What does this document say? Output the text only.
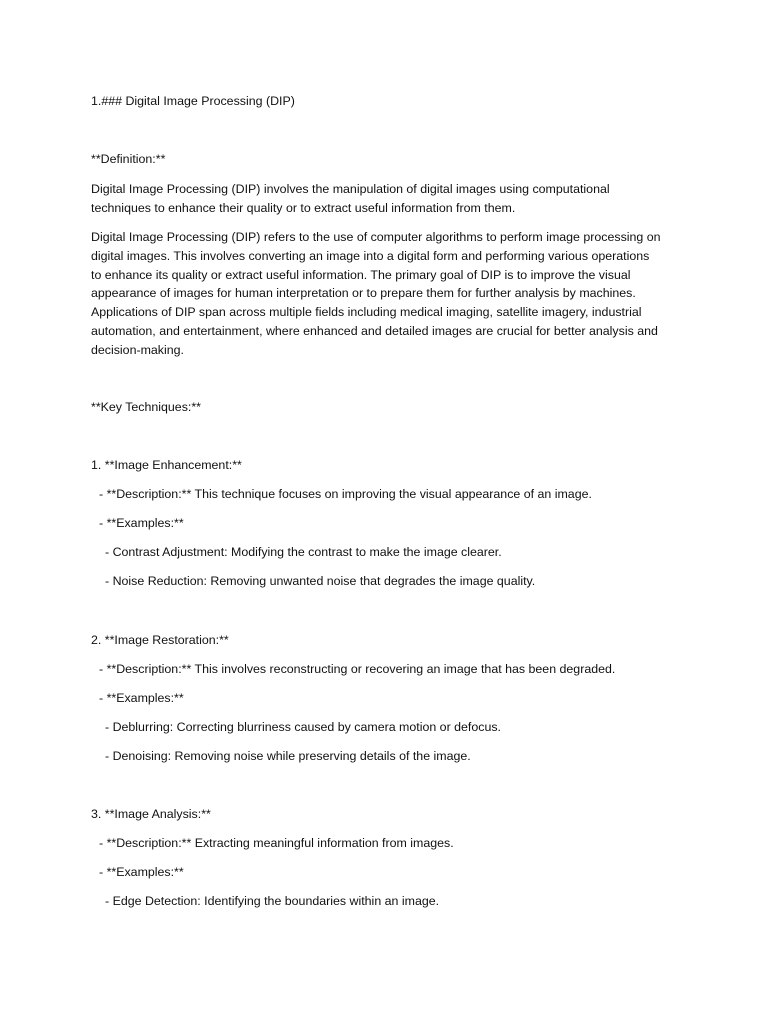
1.### Digital Image Processing (DIP)
**Definition:**
Digital Image Processing (DIP) involves the manipulation of digital images using computational
techniques to enhance their quality or to extract useful information from them.
Digital Image Processing (DIP) refers to the use of computer algorithms to perform image processing on
digital images. This involves converting an image into a digital form and performing various operations
to enhance its quality or extract useful information. The primary goal of DIP is to improve the visual
appearance of images for human interpretation or to prepare them for further analysis by machines.
Applications of DIP span across multiple fields including medical imaging, satellite imagery, industrial
automation, and entertainment, where enhanced and detailed images are crucial for better analysis and
decision-making.
**Key Techniques:**
1. **Image Enhancement:**
- **Description:** This technique focuses on improving the visual appearance of an image.
- **Examples:**
- Contrast Adjustment: Modifying the contrast to make the image clearer.
- Noise Reduction: Removing unwanted noise that degrades the image quality.
2. **Image Restoration:**
- **Description:** This involves reconstructing or recovering an image that has been degraded.
- **Examples:**
- Deblurring: Correcting blurriness caused by camera motion or defocus.
- Denoising: Removing noise while preserving details of the image.
3. **Image Analysis:**
- **Description:** Extracting meaningful information from images.
- **Examples:**
- Edge Detection: Identifying the boundaries within an image.
